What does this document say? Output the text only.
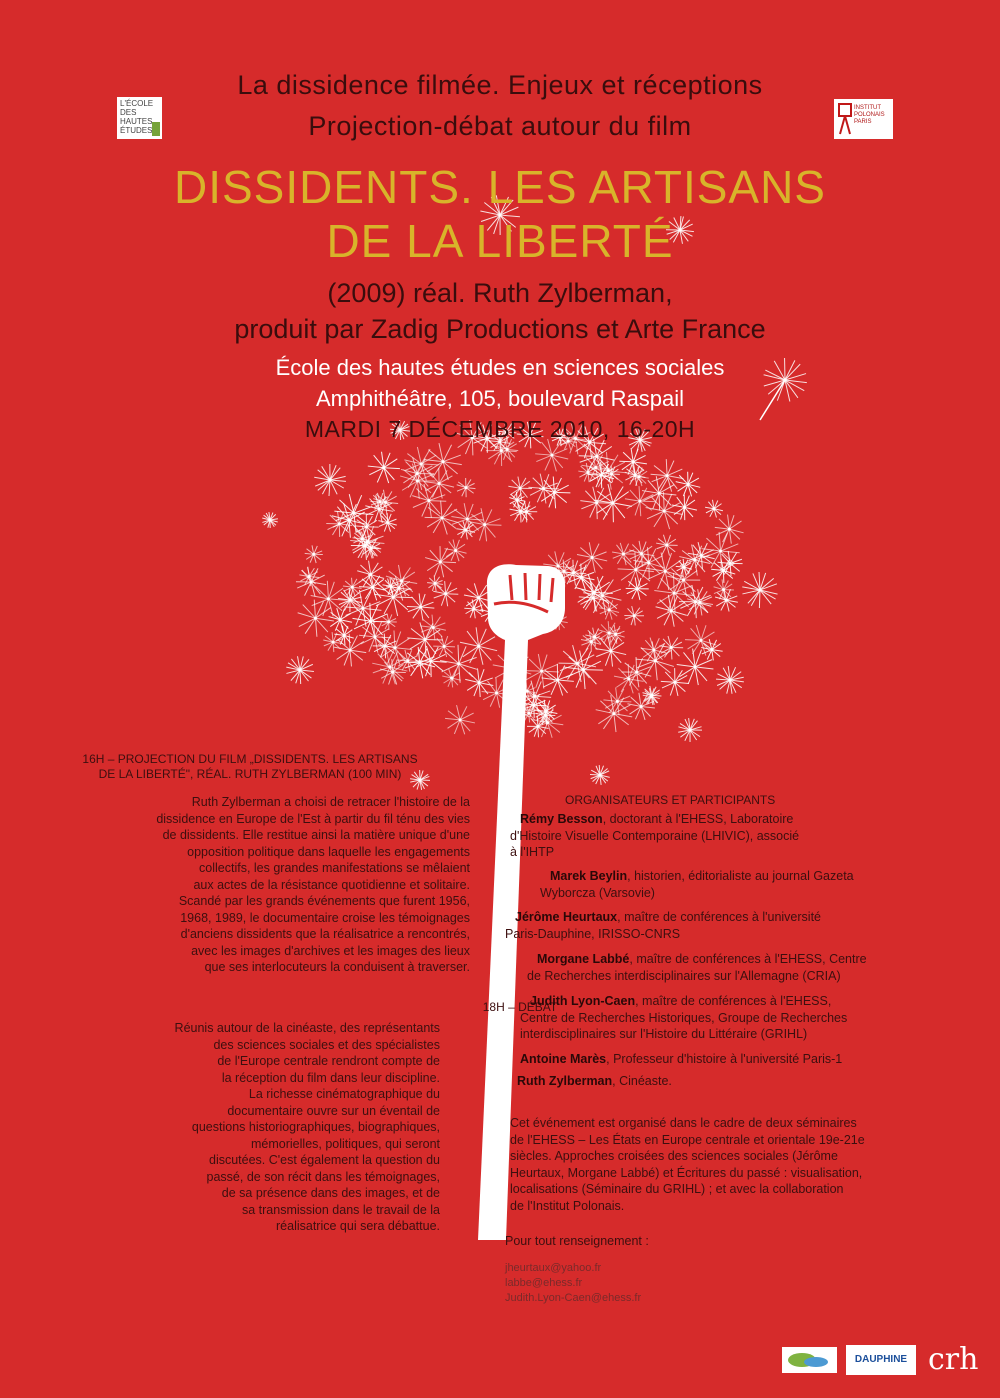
La dissidence filmée. Enjeux et réceptions
Projection-débat autour du film
DISSIDENTS. LES ARTISANS
DE LA LIBERTÉ
(2009) réal. Ruth Zylberman,
produit par Zadig Productions et Arte France
École des hautes études en sciences sociales
Amphithéâtre, 105, boulevard Raspail
MARDI 7 DÉCEMBRE 2010, 16-20H
L'ÉCOLE
DES
HAUTES
ÉTUDES
INSTITUT
POLONAIS
PARIS
16H – PROJECTION DU FILM „DISSIDENTS. LES ARTISANS
DE LA LIBERTÉ", RÉAL. RUTH ZYLBERMAN (100 MIN)
Ruth Zylberman a choisi de retracer l'histoire de la
dissidence en Europe de l'Est à partir du fil ténu des vies
de dissidents. Elle restitue ainsi la matière unique d'une
opposition politique dans laquelle les engagements
collectifs, les grandes manifestations se mêlaient
aux actes de la résistance quotidienne et solitaire.
Scandé par les grands événements que furent 1956,
1968, 1989, le documentaire croise les témoignages
d'anciens dissidents que la réalisatrice a rencontrés,
avec les images d'archives et les images des lieux
que ses interlocuteurs la conduisent à traverser.
18H – DÉBAT
Réunis autour de la cinéaste, des représentants
des sciences sociales et des spécialistes
de l'Europe centrale rendront compte de
la réception du film dans leur discipline.
La richesse cinématographique du
documentaire ouvre sur un éventail de
questions historiographiques, biographiques,
mémorielles, politiques, qui seront
discutées. C'est également la question du
passé, de son récit dans les témoignages,
de sa présence dans des images, et de
sa transmission dans le travail de la
réalisatrice qui sera débattue.
ORGANISATEURS ET PARTICIPANTS
Rémy Besson, doctorant à l'EHESS, Laboratoire
d'Histoire Visuelle Contemporaine (LHIVIC), associé
à l'IHTP
Marek Beylin, historien, éditorialiste au journal Gazeta
Wyborcza (Varsovie)
Jérôme Heurtaux, maître de conférences à l'université
Paris-Dauphine, IRISSO-CNRS
Morgane Labbé, maître de conférences à l'EHESS, Centre
de Recherches interdisciplinaires sur l'Allemagne (CRIA)
Judith Lyon-Caen, maître de conférences à l'EHESS,
Centre de Recherches Historiques, Groupe de Recherches
interdisciplinaires sur l'Histoire du Littéraire (GRIHL)
Antoine Marès, Professeur d'histoire à l'université Paris-1
Ruth Zylberman, Cinéaste.
Cet événement est organisé dans le cadre de deux séminaires
de l'EHESS – Les États en Europe centrale et orientale 19e-21e
siècles. Approches croisées des sciences sociales (Jérôme
Heurtaux, Morgane Labbé) et Écritures du passé : visualisation,
localisations (Séminaire du GRIHL) ; et avec la collaboration
de l'Institut Polonais.
Pour tout renseignement :
jheurtaux@yahoo.fr
labbe@ehess.fr
Judith.Lyon-Caen@ehess.fr
DAUPHINE crh
